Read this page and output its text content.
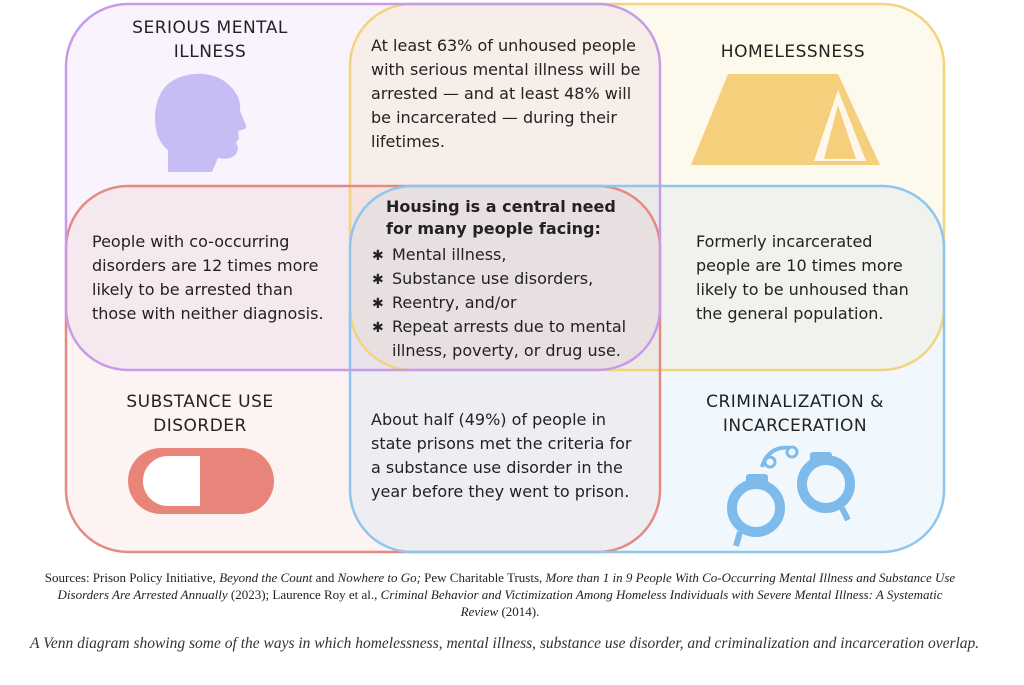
SERIOUS MENTAL
ILLNESS	HOMELESSNESS
SUBSTANCE USE
DISORDER
CRIMINALIZATION &
INCARCERATION
At least 63% of unhoused people
with serious mental illness will be
arrested — and at least 48% will
be incarcerated — during their
lifetimes.
People with co-occurring
disorders are 12 times more
likely to be arrested than
those with neither diagnosis.
Formerly incarcerated
people are 10 times more
likely to be unhoused than
the general population.
About half (49%) of people in
state prisons met the criteria for
a substance use disorder in the
year before they went to prison.
Housing is a central need
for many people facing:
✱ Mental illness,
✱ Substance use disorders,
✱ Reentry, and/or
✱ Repeat arrests due to mental
illness, poverty, or drug use.
Sources: Prison Policy Initiative, Beyond the Count and Nowhere to Go; Pew Charitable Trusts, More than 1 in 9 People With Co-Occurring Mental Illness and Substance Use Disorders Are Arrested Annually (2023); Laurence Roy et al., Criminal Behavior and Victimization Among Homeless Individuals with Severe Mental Illness: A Systematic Review (2014).
A Venn diagram showing some of the ways in which homelessness, mental illness, substance use disorder, and criminalization and incarceration overlap.
